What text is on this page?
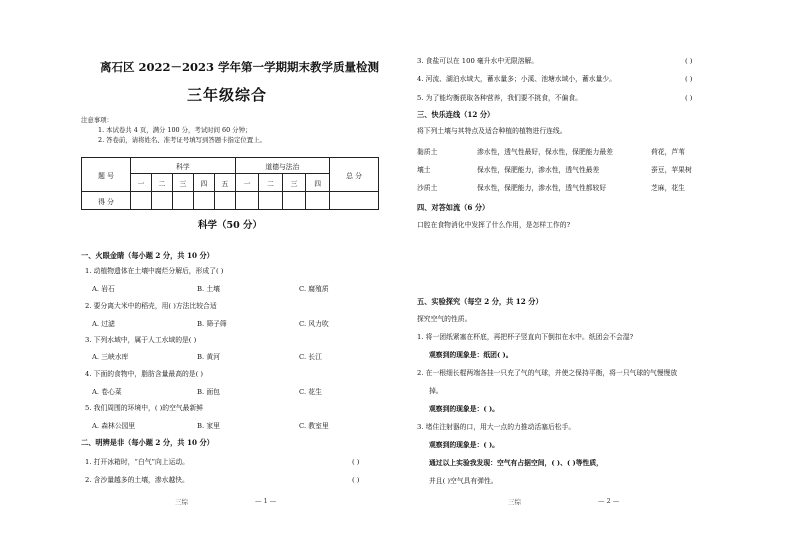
离石区 2022－2023 学年第一学期期末教学质量检测
三年级综合
注意事项：
1. 本试卷共 4 页，满分 100 分，考试时间 60 分钟；
2. 答卷前，请将姓名、准考证号填写到答题卡指定位置上。
题 号	科学					道德与法治				总 分
	一	二	三	四	五	一	二	三	四	
得 分										
科学（50 分）
一、火眼金睛（每小题 2 分，共 10 分）
1. 动植物遗体在土壤中腐烂分解后，形成了( )
A. 岩石	B. 土壤	C. 腐殖质
2. 要分离大米中的稻壳，用( )方法比较合适
A. 过滤	B. 筛子筛	C. 风力吹
3. 下列水域中，属于人工水域的是( )
A. 三峡水库	B. 黄河	C. 长江
4. 下面的食物中，脂肪含量最高的是( )
A. 卷心菜	B. 面包	C. 花生
5. 我们周围的环境中，( )的空气最新鲜
A. 森林公园里	B. 家里	C. 教室里
二、明辨是非（每小题 2 分，共 10 分）
1. 打开冰箱时，“白气”向上运动。	( )
2. 含沙量越多的土壤，渗水越快。	( )
三综	— 1 —
3. 食盐可以在 100 毫升水中无限溶解。	( )
4. 河流、湖泊水域大，蓄水量多；小溪、池塘水域小，蓄水量少。	( )
5. 为了能均衡获取各种营养，我们要不挑食，不偏食。	( )
三、快乐连线（12 分）
将下列土壤与其特点及适合种植的植物进行连线。
黏质土	渗水性，透气性最好，保水性，保肥能力最差	荷花，芦苇
壤土	保水性，保肥能力，渗水性，透气性最差	蚕豆，苹果树
沙质土	保水性，保肥能力，渗水性，透气性都较好	芝麻，花生
四、对答如流（6 分）
口腔在食物消化中发挥了什么作用，是怎样工作的?
五、实验探究（每空 2 分，共 12 分）
探究空气的性质。
1. 将一团纸紧塞在杯底，再把杯子竖直向下倒扣在水中。纸团会不会湿?
观察到的现象是：纸团( )。
2. 在一根细长棍两端各挂一只充了气的气球，并使之保持平衡，将一只气球的气慢慢放
掉。
观察到的现象是：( )。
3. 堵住注射器的口，用大一点的力推动活塞后松手。
观察到的现象是：( )。
通过以上实验我发现：空气有占据空间，( )、( )等性质，
并且( )空气具有弹性。
三综	— 2 —
